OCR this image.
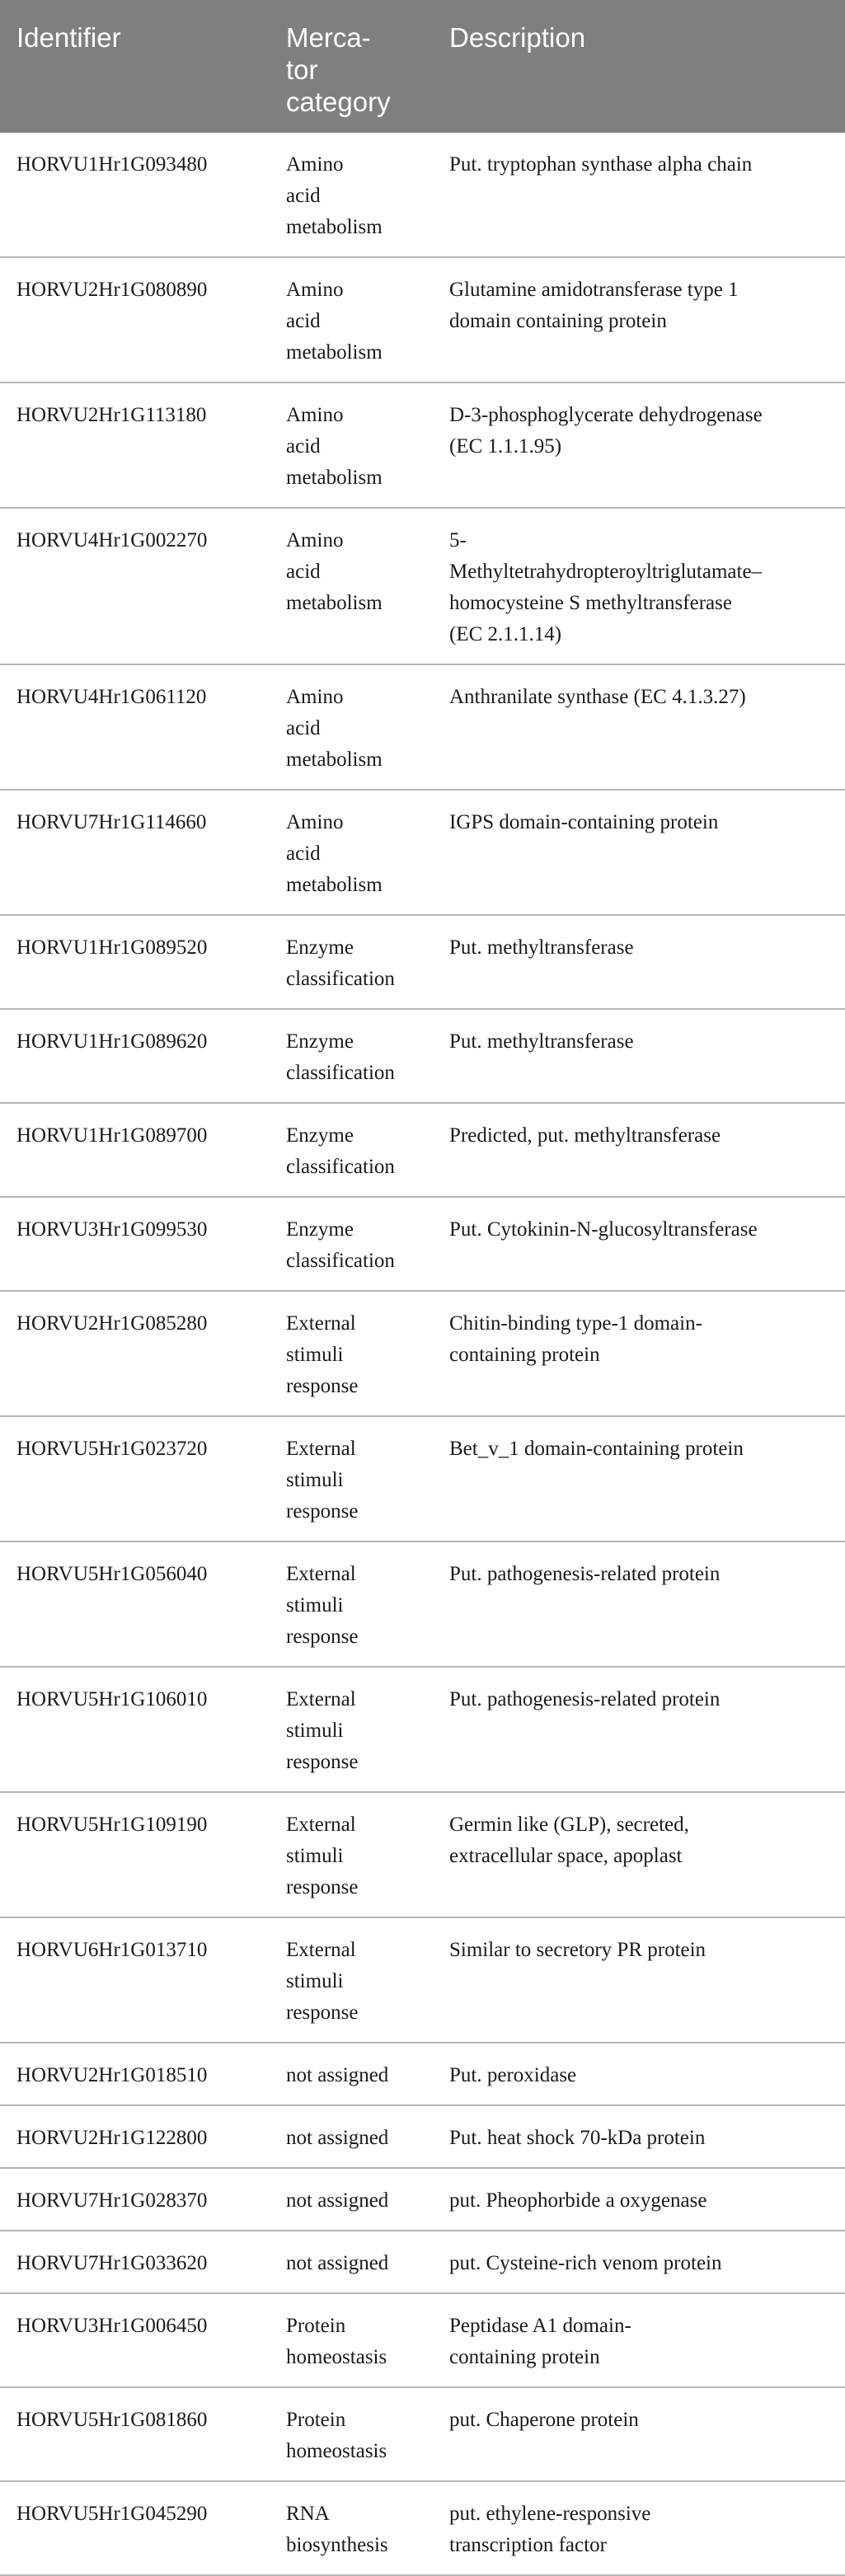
Identifier	Merca-
tor
category	Description
HORVU1Hr1G093480	Amino
acid
metabolism	Put. tryptophan synthase alpha chain
HORVU2Hr1G080890	Amino
acid
metabolism	Glutamine amidotransferase type 1
domain containing protein
HORVU2Hr1G113180	Amino
acid
metabolism	D-3-phosphoglycerate dehydrogenase
(EC 1.1.1.95)
HORVU4Hr1G002270	Amino
acid
metabolism	5-
Methyltetrahydropteroyltriglutamate–
homocysteine S methyltransferase
(EC 2.1.1.14)
HORVU4Hr1G061120	Amino
acid
metabolism	Anthranilate synthase (EC 4.1.3.27)
HORVU7Hr1G114660	Amino
acid
metabolism	IGPS domain-containing protein
HORVU1Hr1G089520	Enzyme
classification	Put. methyltransferase
HORVU1Hr1G089620	Enzyme
classification	Put. methyltransferase
HORVU1Hr1G089700	Enzyme
classification	Predicted, put. methyltransferase
HORVU3Hr1G099530	Enzyme
classification	Put. Cytokinin-N-glucosyltransferase
HORVU2Hr1G085280	External
stimuli
response	Chitin-binding type-1 domain-
containing protein
HORVU5Hr1G023720	External
stimuli
response	Bet_v_1 domain-containing protein
HORVU5Hr1G056040	External
stimuli
response	Put. pathogenesis-related protein
HORVU5Hr1G106010	External
stimuli
response	Put. pathogenesis-related protein
HORVU5Hr1G109190	External
stimuli
response	Germin like (GLP), secreted,
extracellular space, apoplast
HORVU6Hr1G013710	External
stimuli
response	Similar to secretory PR protein
HORVU2Hr1G018510	not assigned	Put. peroxidase
HORVU2Hr1G122800	not assigned	Put. heat shock 70-kDa protein
HORVU7Hr1G028370	not assigned	put. Pheophorbide a oxygenase
HORVU7Hr1G033620	not assigned	put. Cysteine-rich venom protein
HORVU3Hr1G006450	Protein
homeostasis	Peptidase A1 domain-
containing protein
HORVU5Hr1G081860	Protein
homeostasis	put. Chaperone protein
HORVU5Hr1G045290	RNA
biosynthesis	put. ethylene-responsive
transcription factor
